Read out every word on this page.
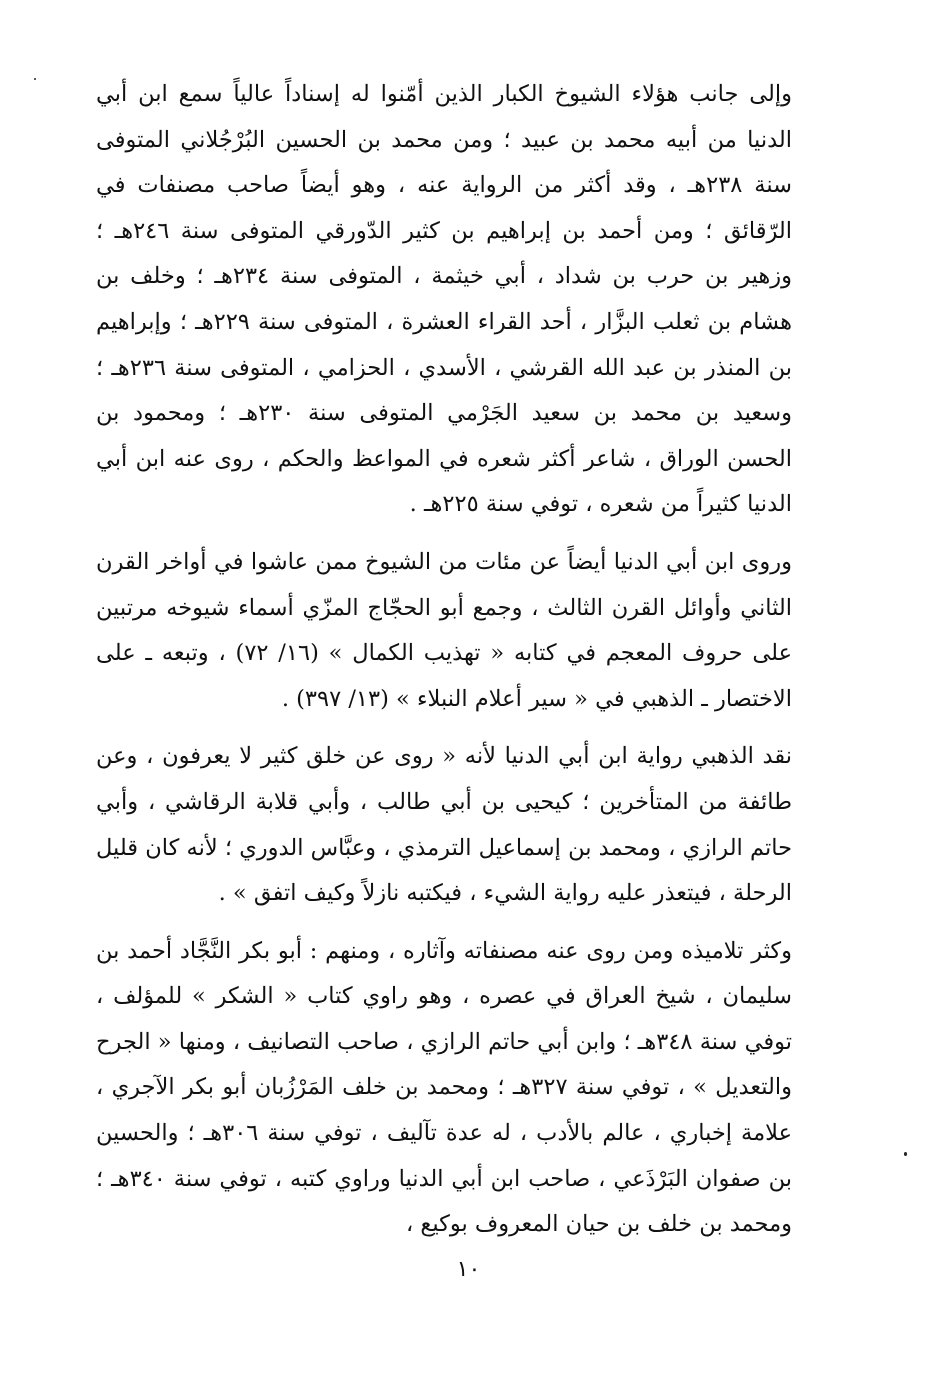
وإلى جانب هؤلاء الشيوخ الكبار الذين أمّنوا له إسناداً عالياً سمع ابن أبي الدنيا من أبيه محمد بن عبيد ؛ ومن محمد بن الحسين البُرْجُلاني المتوفى سنة ٢٣٨هـ ، وقد أكثر من الرواية عنه ، وهو أيضاً صاحب مصنفات في الرّقائق ؛ ومن أحمد بن إبراهيم بن كثير الدّورقي المتوفى سنة ٢٤٦هـ ؛ وزهير بن حرب بن شداد ، أبي خيثمة ، المتوفى سنة ٢٣٤هـ ؛ وخلف بن هشام بن ثعلب البزَّار ، أحد القراء العشرة ، المتوفى سنة ٢٢٩هـ ؛ وإبراهيم بن المنذر بن عبد الله القرشي ، الأسدي ، الحزامي ، المتوفى سنة ٢٣٦هـ ؛ وسعيد بن محمد بن سعيد الجَرْمي المتوفى سنة ٢٣٠هـ ؛ ومحمود بن الحسن الوراق ، شاعر أكثر شعره في المواعظ والحكم ، روى عنه ابن أبي الدنيا كثيراً من شعره ، توفي سنة ٢٢٥هـ .

وروى ابن أبي الدنيا أيضاً عن مئات من الشيوخ ممن عاشوا في أواخر القرن الثاني وأوائل القرن الثالث ، وجمع أبو الحجّاج المزّي أسماء شيوخه مرتبين على حروف المعجم في كتابه « تهذيب الكمال » (١٦/ ٧٢) ، وتبعه ـ على الاختصار ـ الذهبي في « سير أعلام النبلاء » (١٣/ ٣٩٧) .

نقد الذهبي رواية ابن أبي الدنيا لأنه « روى عن خلق كثير لا يعرفون ، وعن طائفة من المتأخرين ؛ كيحيى بن أبي طالب ، وأبي قلابة الرقاشي ، وأبي حاتم الرازي ، ومحمد بن إسماعيل الترمذي ، وعبَّاس الدوري ؛ لأنه كان قليل الرحلة ، فيتعذر عليه رواية الشيء ، فيكتبه نازلاً وكيف اتفق » .

وكثر تلاميذه ومن روى عنه مصنفاته وآثاره ، ومنهم : أبو بكر النَّجَّاد أحمد بن سليمان ، شيخ العراق في عصره ، وهو راوي كتاب « الشكر » للمؤلف ، توفي سنة ٣٤٨هـ ؛ وابن أبي حاتم الرازي ، صاحب التصانيف ، ومنها « الجرح والتعديل » ، توفي سنة ٣٢٧هـ ؛ ومحمد بن خلف المَرْزُبان أبو بكر الآجري ، علامة إخباري ، عالم بالأدب ، له عدة تآليف ، توفي سنة ٣٠٦هـ ؛ والحسين بن صفوان البَرْذَعي ، صاحب ابن أبي الدنيا وراوي كتبه ، توفي سنة ٣٤٠هـ ؛ ومحمد بن خلف بن حيان المعروف بوكيع ،

١٠
